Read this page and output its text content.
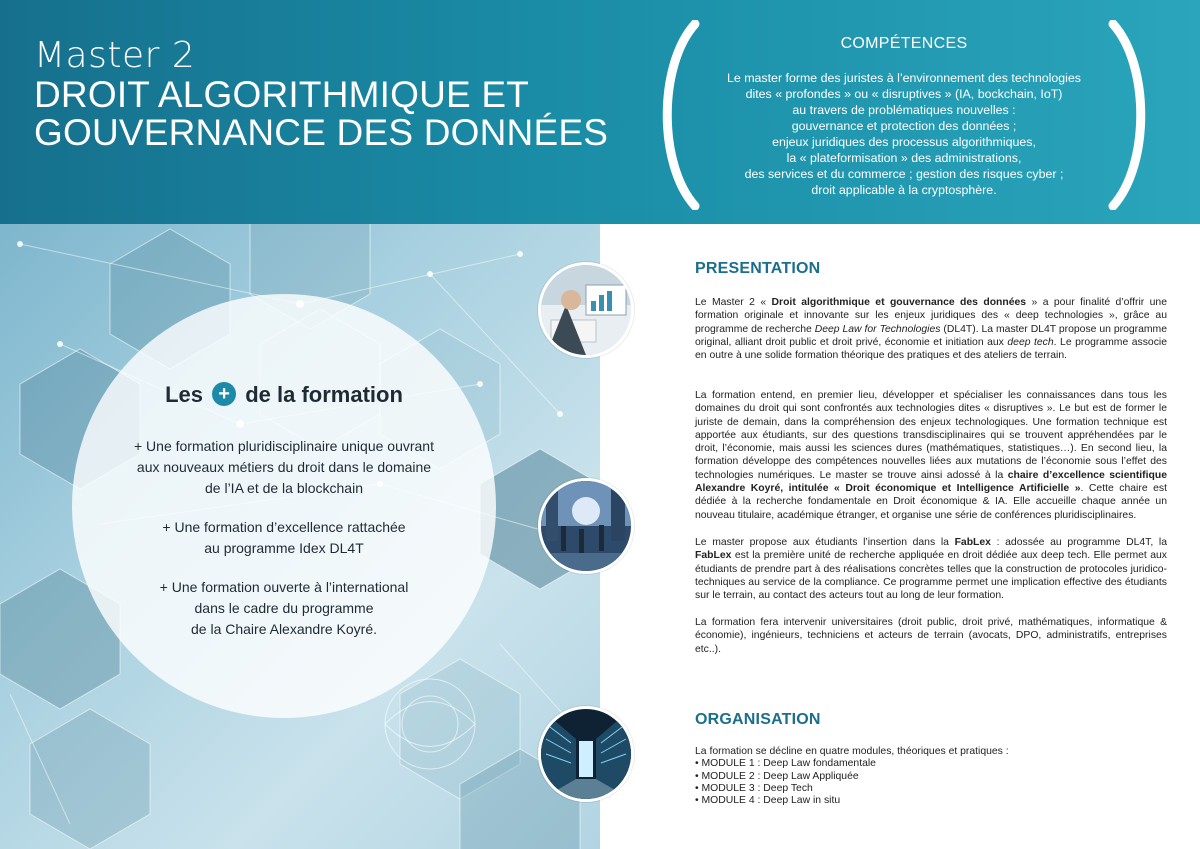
Master 2

DROIT ALGORITHMIQUE ET

GOUVERNANCE DES DONNÉES

COMPÉTENCES
Le master forme des juristes à l’environnement des technologies
dites « profondes » ou « disruptives » (IA, bockchain, IoT)
au travers de problématiques nouvelles :
gouvernance et protection des données ;
enjeux juridiques des processus algorithmiques,
la « plateformisation » des administrations,
des services et du commerce ; gestion des risques cyber ;
droit applicable à la cryptosphère.
Les + de la formation
+ Une formation pluridisciplinaire unique ouvrant
aux nouveaux métiers du droit dans le domaine
de l’IA et de la blockchain
+ Une formation d’excellence rattachée
au programme Idex DL4T
+ Une formation ouverte à l’international
dans le cadre du programme
de la Chaire Alexandre Koyré.
PRESENTATION

Le Master 2 « Droit algorithmique et gouvernance des données » a pour finalité d’offrir une formation originale et innovante sur les enjeux juridiques des « deep technologies », grâce au programme de recherche Deep Law for Technologies (DL4T). La master DL4T propose un programme original, alliant droit public et droit privé, économie et initiation aux deep tech. Le programme associe en outre à une solide formation théorique des pratiques et des ateliers de terrain.

La formation entend, en premier lieu, développer et spécialiser les connaissances dans tous les domaines du droit qui sont confrontés aux technologies dites « disruptives ». Le but est de former le juriste de demain, dans la compréhension des enjeux technologiques. Une formation technique est apportée aux étudiants, sur des questions transdisciplinaires qui se trouvent appréhendées par le droit, l’économie, mais aussi les sciences dures (mathématiques, statistiques…). En second lieu, la formation développe des compétences nouvelles liées aux mutations de l’économie sous l’effet des technologies numériques. Le master se trouve ainsi adossé à la chaire d’excellence scientifique Alexandre Koyré, intitulée « Droit économique et Intelligence Artificielle ». Cette chaire est dédiée à la recherche fondamentale en Droit économique & IA. Elle accueille chaque année un nouveau titulaire, académique étranger, et organise une série de conférences pluridisciplinaires.

Le master propose aux étudiants l’insertion dans la FabLex : adossée au programme DL4T, la FabLex est la première unité de recherche appliquée en droit dédiée aux deep tech. Elle permet aux étudiants de prendre part à des réalisations concrètes telles que la construction de protocoles juridico-techniques au service de la compliance. Ce programme permet une implication effective des étudiants sur le terrain, au contact des acteurs tout au long de leur formation.

La formation fera intervenir universitaires (droit public, droit privé, mathématiques, informatique & économie), ingénieurs, techniciens et acteurs de terrain (avocats, DPO, administratifs, entreprises etc..).

ORGANISATION

La formation se décline en quatre modules, théoriques et pratiques :

• MODULE 1 : Deep Law fondamentale

• MODULE 2 : Deep Law Appliquée

• MODULE 3 : Deep Tech

• MODULE 4 : Deep Law in situ
